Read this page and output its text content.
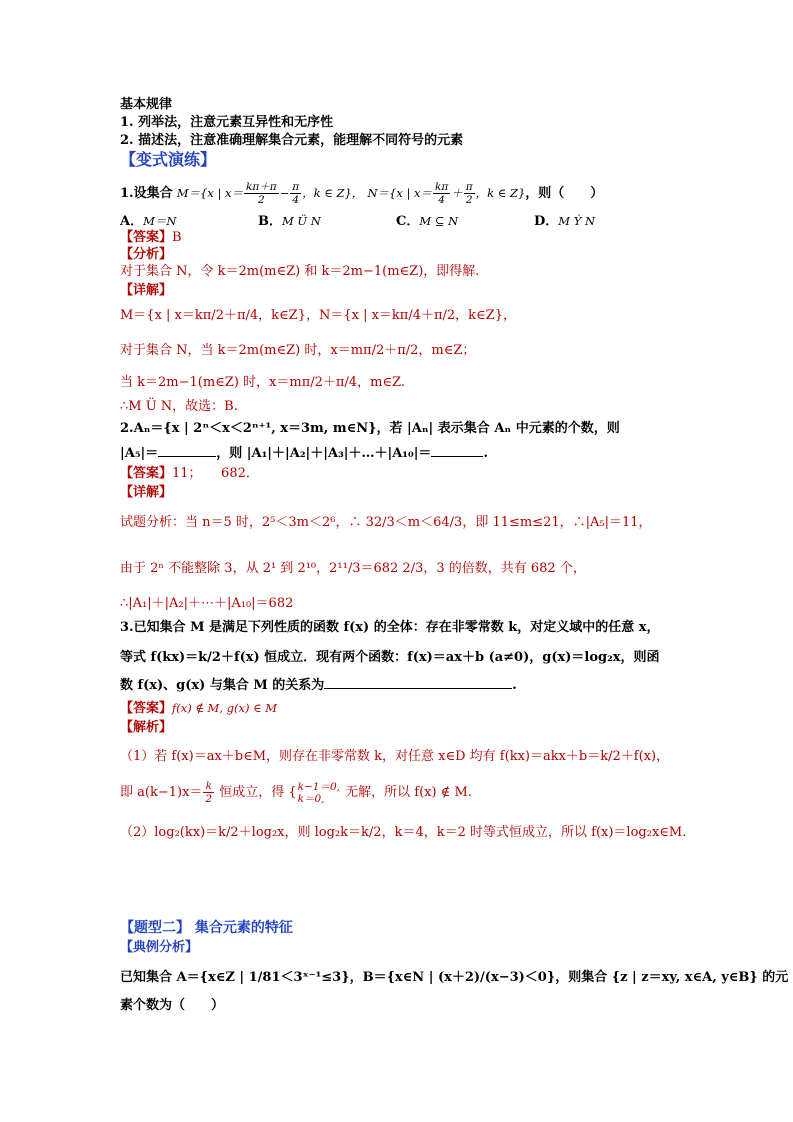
基本规律
1. 列举法，注意元素互异性和无序性
2. 描述法，注意准确理解集合元素，能理解不同符号的元素
【变式演练】
1.设集合 M＝{x | $x= \frac{k\pi+\pi}{2} - \frac{\pi}{4}$ ，k ∈ Z}， N＝{x | $x= \frac{k\pi}{4} + \frac{\pi}{2}$ ，k ∈ Z}，则（　　）
A．M＝N	B．M Ü N	C．M ⊆ N	D．M Ý N
【答案】B
【分析】
对于集合 N，令 k＝2m(m∈Z) 和 k＝2m−1(m∈Z)，即得解.
【详解】
M＝{x | x＝kπ/2＋π/4，k∈Z}，N＝{x | x＝kπ/4＋π/2，k∈Z}，
对于集合 N，当 k＝2m(m∈Z) 时，x＝mπ/2＋π/2，m∈Z；
当 k＝2m−1(m∈Z) 时，x＝mπ/2＋π/4，m∈Z.
∴M Ü N，故选：B.
2.Aₙ＝{x | 2ⁿ＜x＜2ⁿ⁺¹, x＝3m, m∈N}，若 |Aₙ| 表示集合 Aₙ 中元素的个数，则
|A₅|＝	，则 |A₁|＋|A₂|＋|A₃|＋…＋|A₁₀|＝	.
【答案】11；　　682．
【详解】
试题分析：当 n＝5 时，2⁵＜3m＜2⁶，∴ 32/3＜m＜64/3，即 11≤m≤21，∴|A₅|＝11，
由于 2ⁿ 不能整除 3，从 2¹ 到 2¹⁰，2¹¹/3＝682 2/3，3 的倍数，共有 682 个，
∴|A₁|＋|A₂|＋⋯＋|A₁₀|＝682
3.已知集合 M 是满足下列性质的函数 f(x) 的全体：存在非零常数 k，对定义域中的任意 x，
等式 f(kx)＝k/2＋f(x) 恒成立．现有两个函数：f(x)＝ax＋b (a≠0)，g(x)＝log₂x，则函
数 f(x)、g(x) 与集合 M 的关系为	.
【答案】f(x) ∉ M, g(x) ∈ M
【解析】
（1）若 f(x)＝ax＋b∈M，则存在非零常数 k，对任意 x∈D 均有 f(kx)＝akx＋b＝k/2＋f(x)，
即 $a(k-1)x= \frac{k}{2}$ 恒成立，得 { k−1＝0,
k＝0,	无解，所以 f(x) ∉ M.
（2）log₂(kx)＝k/2＋log₂x，则 log₂k＝k/2，k＝4，k＝2 时等式恒成立，所以 f(x)＝log₂x∈M.
【题型二】 集合元素的特征
【典例分析】
已知集合 A＝{x∈Z | 1/81＜3ˣ⁻¹≤3}，B＝{x∈N | (x＋2)/(x−3)＜0}，则集合 {z | z＝xy, x∈A, y∈B} 的元
素个数为（　　）
